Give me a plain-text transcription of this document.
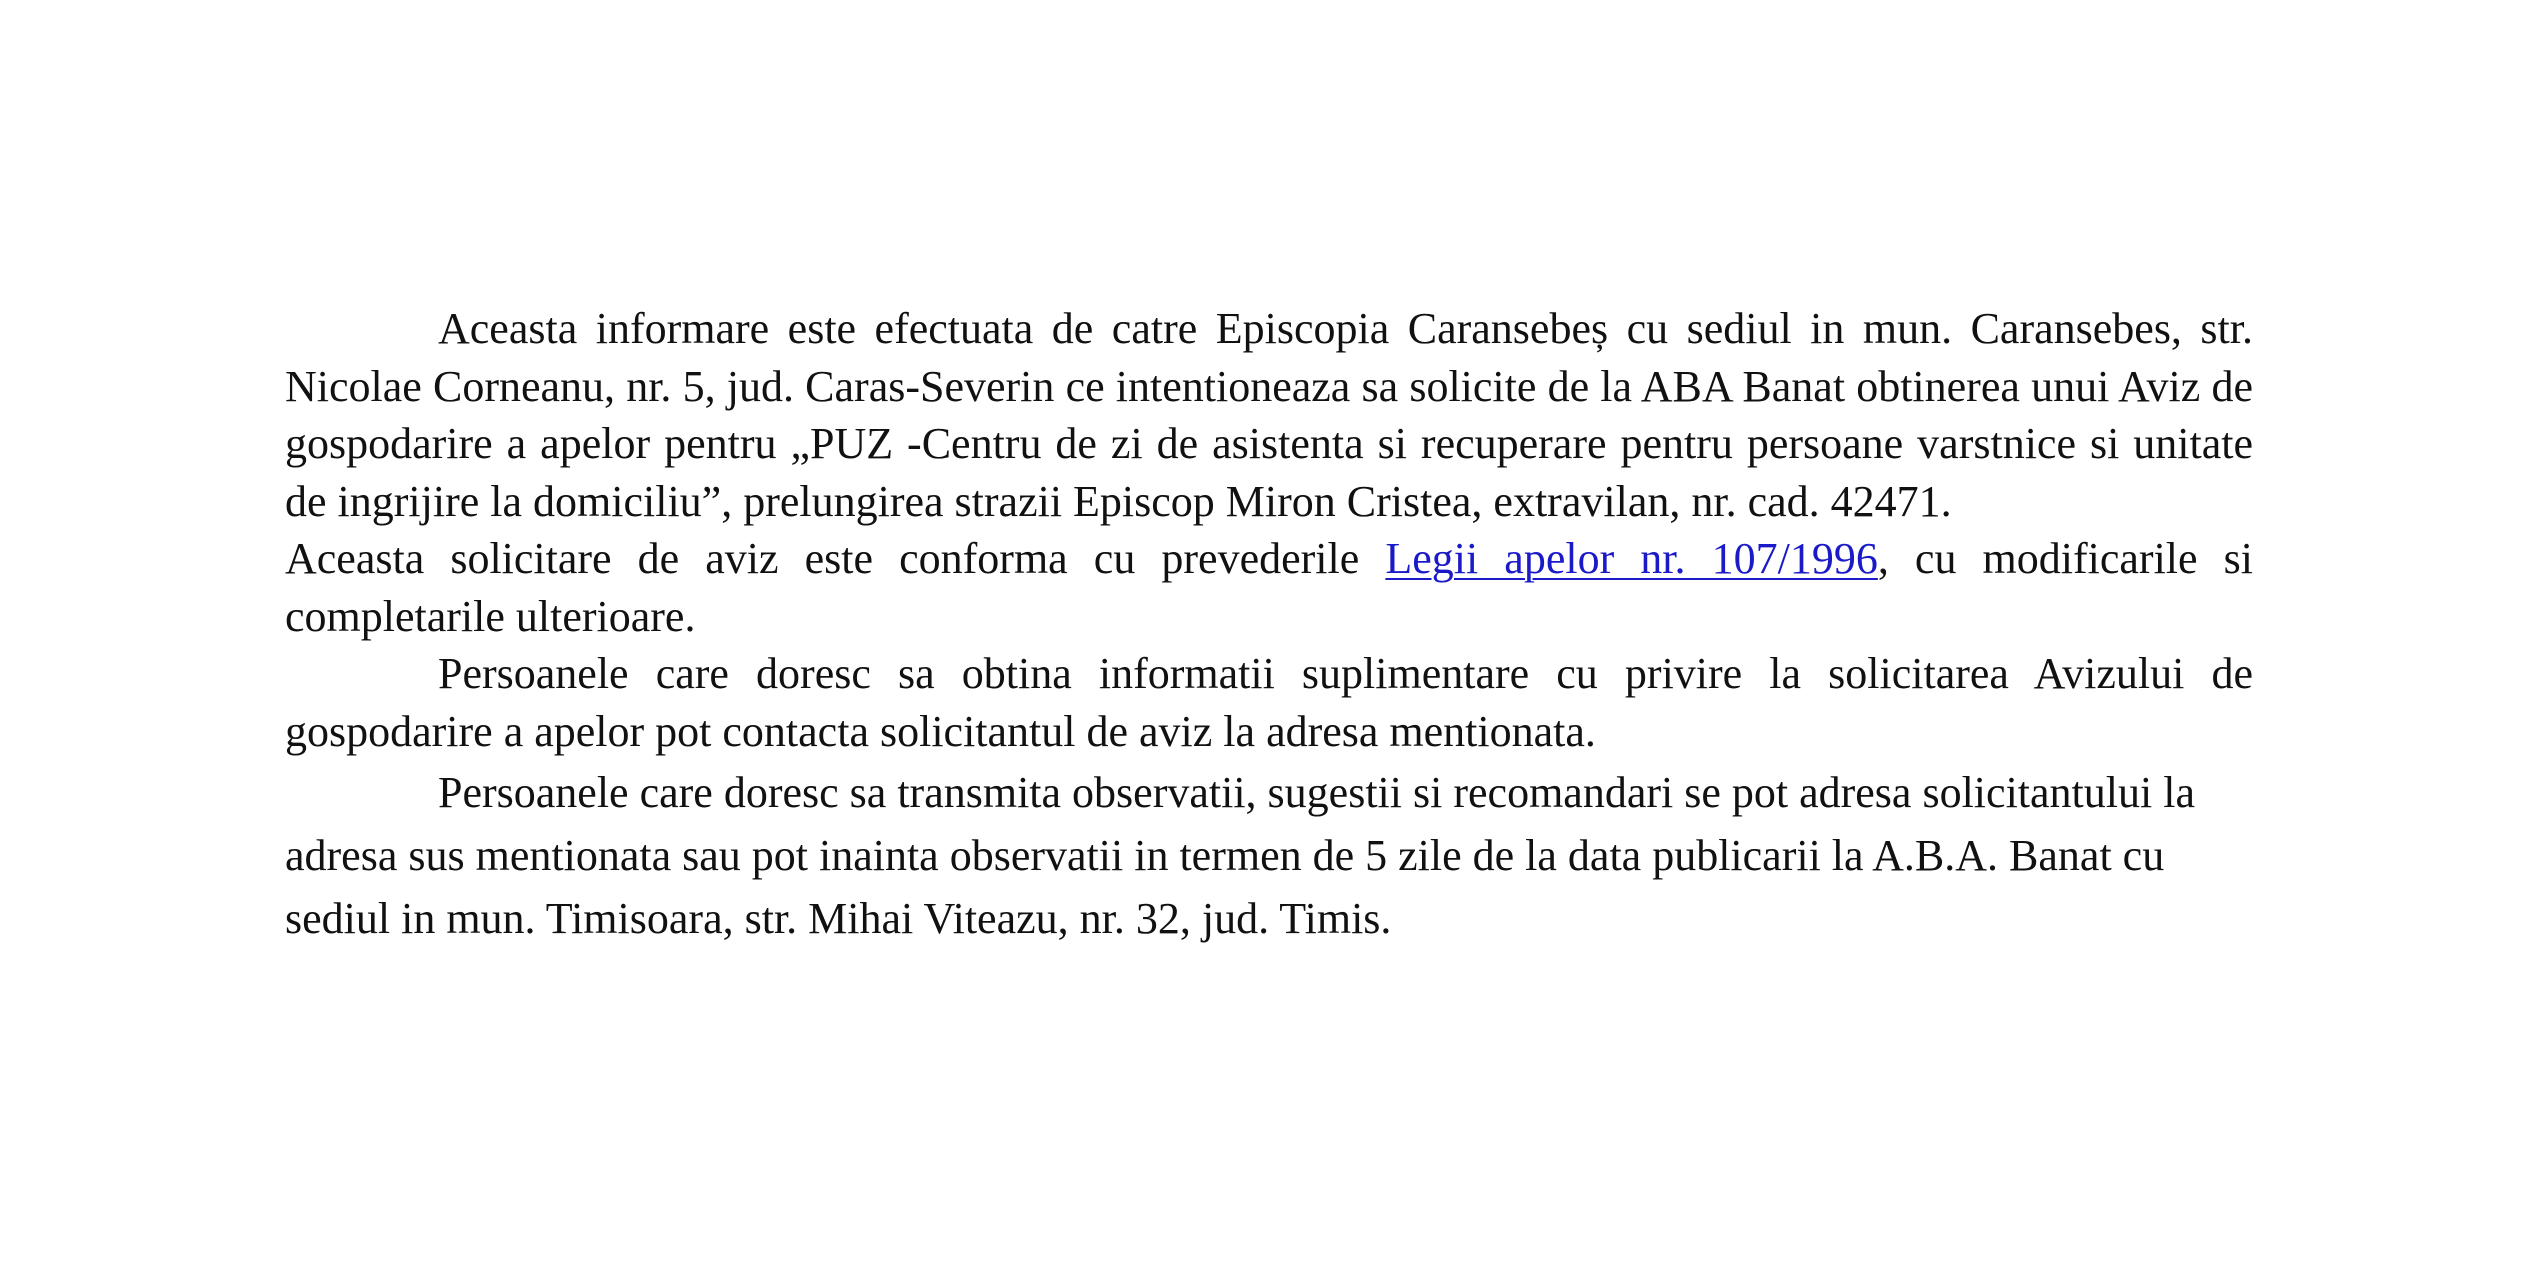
Aceasta informare este efectuata de catre Episcopia Caransebeș cu sediul in mun. Caransebes, str. Nicolae Corneanu, nr. 5, jud. Caras-Severin ce intentioneaza sa solicite de la ABA Banat obtinerea unui Aviz de gospodarire a apelor pentru „PUZ -Centru de zi de asistenta si recuperare pentru persoane varstnice si unitate de ingrijire la domiciliu”, prelungirea strazii Episcop Miron Cristea, extravilan, nr. cad. 42471.

Aceasta solicitare de aviz este conforma cu prevederile Legii apelor nr. 107/1996, cu modificarile si completarile ulterioare.

Persoanele care doresc sa obtina informatii suplimentare cu privire la solicitarea Avizului de gospodarire a apelor pot contacta solicitantul de aviz la adresa mentionata.

Persoanele care doresc sa transmita observatii, sugestii si recomandari se pot adresa solicitantului la adresa sus mentionata sau pot inainta observatii in termen de 5 zile de la data publicarii la A.B.A. Banat cu sediul in mun. Timisoara, str. Mihai Viteazu, nr. 32, jud. Timis.
